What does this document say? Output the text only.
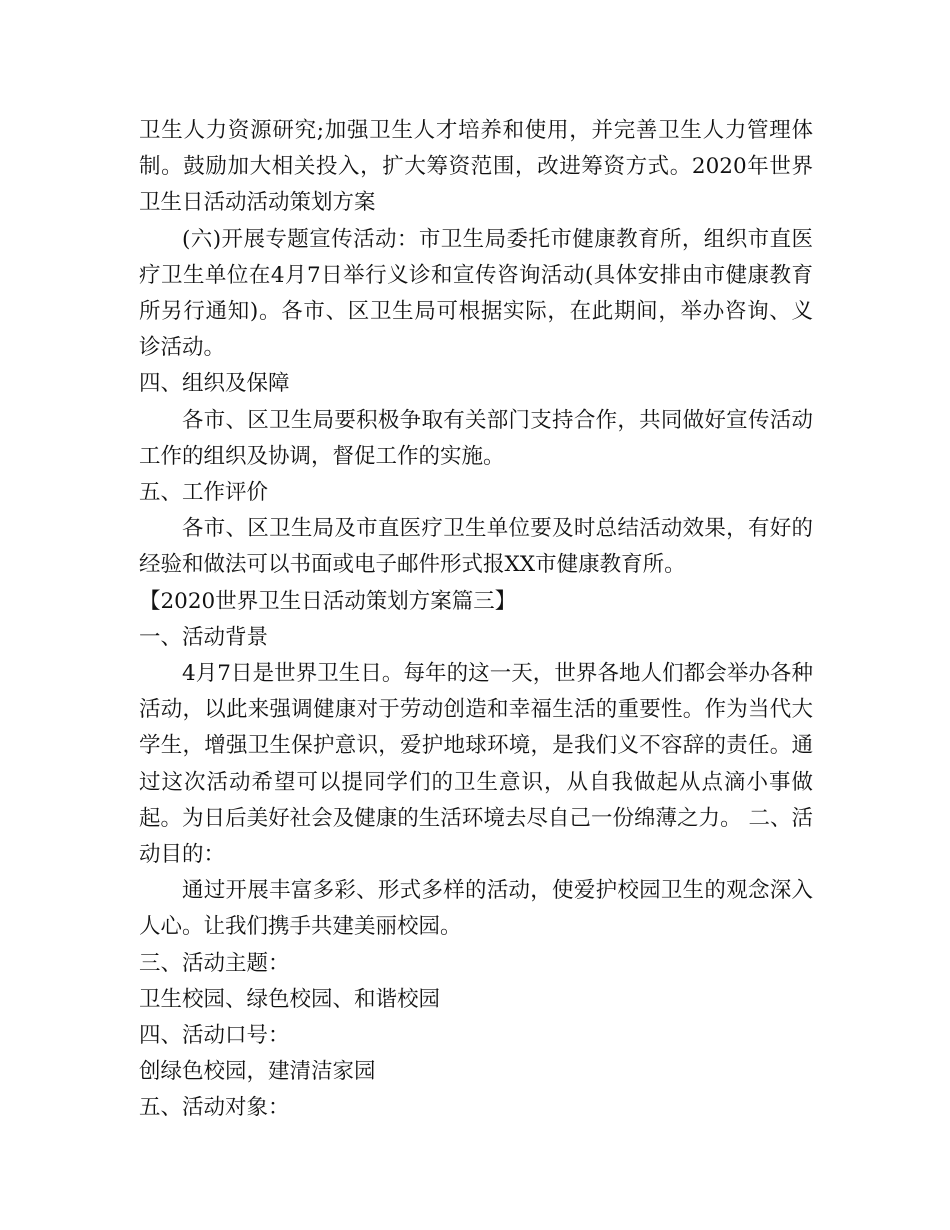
卫生人力资源研究;加强卫生人才培养和使用，并完善卫生人力管理体制。鼓励加大相关投入，扩大筹资范围，改进筹资方式。2020年世界卫生日活动活动策划方案

(六)开展专题宣传活动：市卫生局委托市健康教育所，组织市直医疗卫生单位在4月7日举行义诊和宣传咨询活动(具体安排由市健康教育所另行通知)。各市、区卫生局可根据实际，在此期间，举办咨询、义诊活动。

四、组织及保障

各市、区卫生局要积极争取有关部门支持合作，共同做好宣传活动工作的组织及协调，督促工作的实施。

五、工作评价

各市、区卫生局及市直医疗卫生单位要及时总结活动效果，有好的经验和做法可以书面或电子邮件形式报XX市健康教育所。

【2020世界卫生日活动策划方案篇三】

一、活动背景

4月7日是世界卫生日。每年的这一天，世界各地人们都会举办各种活动，以此来强调健康对于劳动创造和幸福生活的重要性。作为当代大学生，增强卫生保护意识，爱护地球环境，是我们义不容辞的责任。通过这次活动希望可以提同学们的卫生意识，从自我做起从点滴小事做起。为日后美好社会及健康的生活环境去尽自己一份绵薄之力。 二、活动目的：

通过开展丰富多彩、形式多样的活动，使爱护校园卫生的观念深入人心。让我们携手共建美丽校园。

三、活动主题：

卫生校园、绿色校园、和谐校园

四、活动口号：

创绿色校园，建清洁家园

五、活动对象：
